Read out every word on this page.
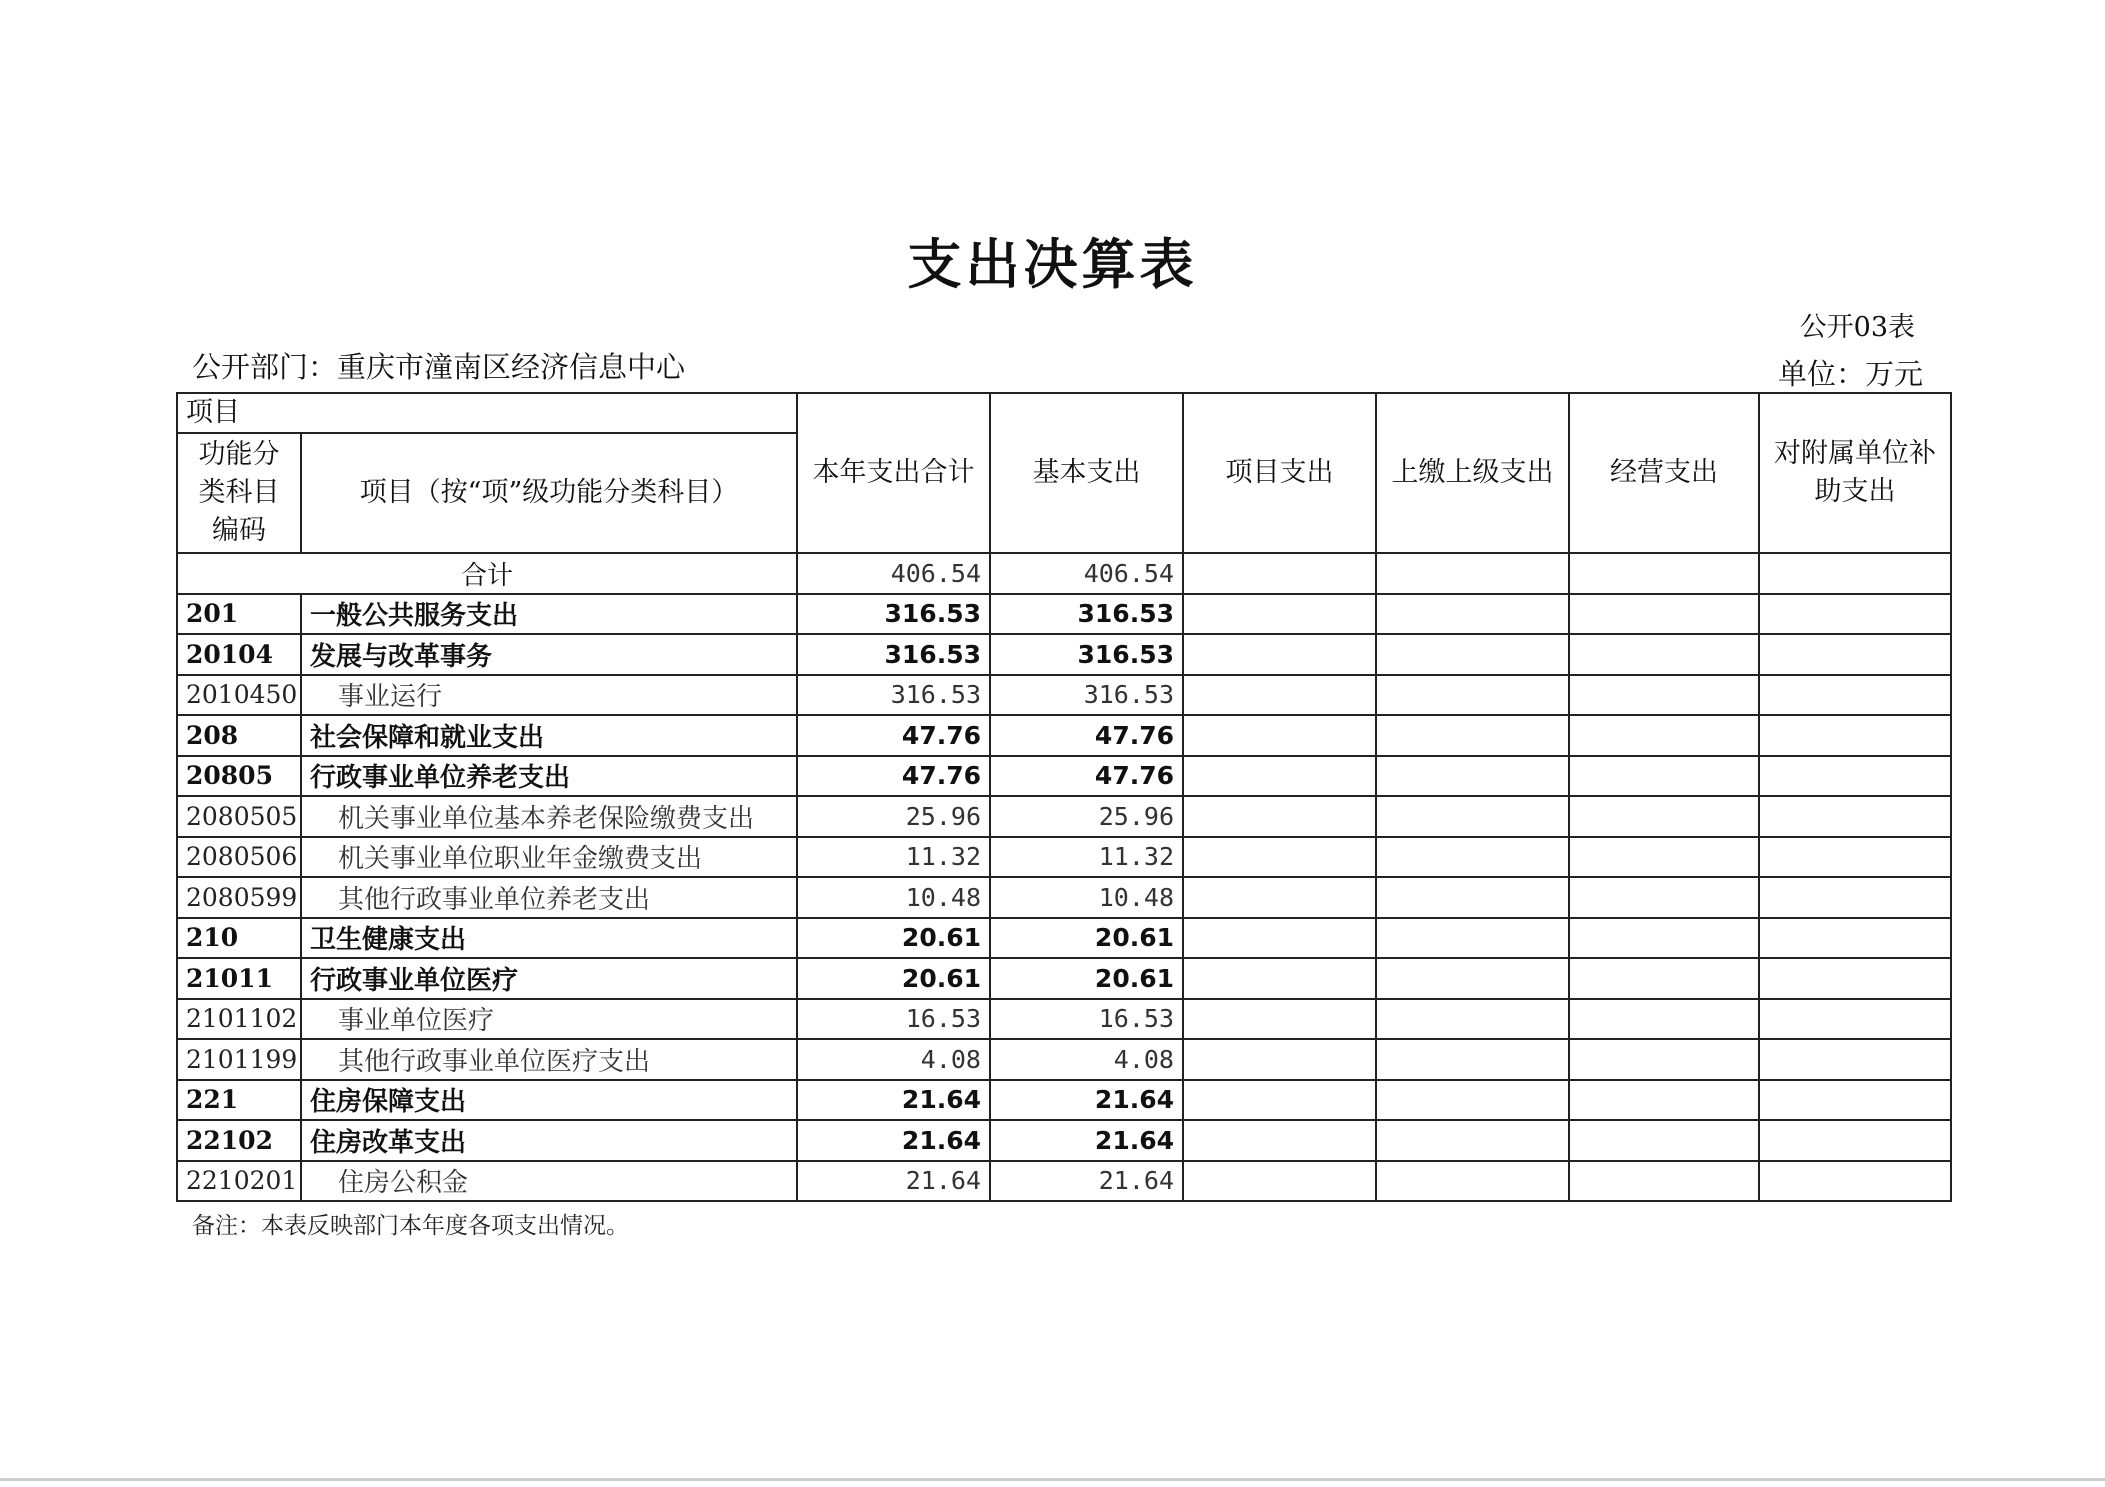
支出决算表
公开03表
公开部门：重庆市潼南区经济信息中心	单位：万元
项目		本年支出合计	基本支出	项目支出	上缴上级支出	经营支出	对附属单位补助支出
功能分类科目编码	项目（按“项”级功能分类科目）						
合计		406.54	406.54				
201	一般公共服务支出	316.53	316.53				
20104	发展与改革事务	316.53	316.53				
2010450	事业运行	316.53	316.53				
208	社会保障和就业支出	47.76	47.76				
20805	行政事业单位养老支出	47.76	47.76				
2080505	机关事业单位基本养老保险缴费支出	25.96	25.96				
2080506	机关事业单位职业年金缴费支出	11.32	11.32				
2080599	其他行政事业单位养老支出	10.48	10.48				
210	卫生健康支出	20.61	20.61				
21011	行政事业单位医疗	20.61	20.61				
2101102	事业单位医疗	16.53	16.53				
2101199	其他行政事业单位医疗支出	4.08	4.08				
221	住房保障支出	21.64	21.64				
22102	住房改革支出	21.64	21.64				
2210201	住房公积金	21.64	21.64				
备注：本表反映部门本年度各项支出情况。
